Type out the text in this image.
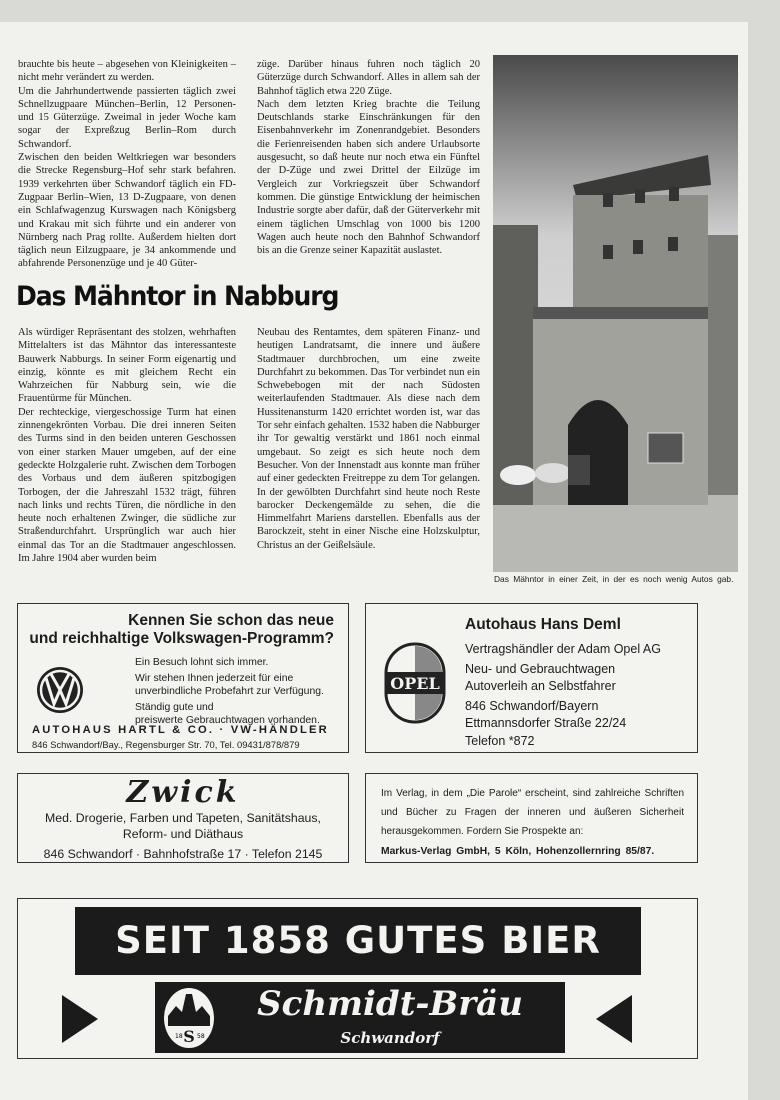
brauchte bis heute – abgesehen von Kleinigkeiten – nicht mehr verändert zu werden.

Um die Jahrhundertwende passierten täglich zwei Schnellzugpaare München–Berlin, 12 Personen- und 15 Güterzüge. Zweimal in jeder Woche kam sogar der Expreßzug Berlin–Rom durch Schwandorf.

Zwischen den beiden Weltkriegen war besonders die Strecke Regensburg–Hof sehr stark befahren. 1939 verkehrten über Schwandorf täglich ein FD-Zugpaar Berlin–Wien, 13 D-Zugpaare, von denen ein Schlafwagenzug Kurswagen nach Königsberg und Krakau mit sich führte und ein anderer von Nürnberg nach Prag rollte. Außerdem hielten dort täglich neun Eilzugpaare, je 34 ankommende und abfahrende Personenzüge und je 40 Güter-

züge. Darüber hinaus fuhren noch täglich 20 Güterzüge durch Schwandorf. Alles in allem sah der Bahnhof täglich etwa 220 Züge.

Nach dem letzten Krieg brachte die Teilung Deutschlands starke Einschränkungen für den Eisenbahnverkehr im Zonenrandgebiet. Besonders die Ferienreisenden haben sich andere Urlaubsorte ausgesucht, so daß heute nur noch etwa ein Fünftel der D-Züge und zwei Drittel der Eilzüge im Vergleich zur Vorkriegszeit über Schwandorf kommen. Die günstige Entwicklung der heimischen Industrie sorgte aber dafür, daß der Güterverkehr mit einem täglichen Umschlag von 1000 bis 1200 Wagen auch heute noch den Bahnhof Schwandorf bis an die Grenze seiner Kapazität auslastet.

Das Mähntor in Nabburg

Als würdiger Repräsentant des stolzen, wehrhaften Mittelalters ist das Mähntor das interessanteste Bauwerk Nabburgs. In seiner Form eigenartig und einzig, könnte es mit gleichem Recht ein Wahrzeichen für Nabburg sein, wie die Frauentürme für München.

Der rechteckige, viergeschossige Turm hat einen zinnengekrönten Vorbau. Die drei inneren Seiten des Turms sind in den beiden unteren Geschossen von einer starken Mauer umgeben, auf der eine gedeckte Holzgalerie ruht. Zwischen dem Torbogen des Vorbaus und dem äußeren spitzbogigen Torbogen, der die Jahreszahl 1532 trägt, führen nach links und rechts Türen, die nördliche in den heute noch erhaltenen Zwinger, die südliche zur Straßendurchfahrt. Ursprünglich war auch hier einmal das Tor an die Stadtmauer angeschlossen. Im Jahre 1904 aber wurden beim

Neubau des Rentamtes, dem späteren Finanz- und heutigen Landratsamt, die innere und äußere Stadtmauer durchbrochen, um eine zweite Durchfahrt zu bekommen. Das Tor verbindet nun ein Schwebebogen mit der nach Südosten weiterlaufenden Stadtmauer. Als diese nach dem Hussitenansturm 1420 errichtet worden ist, war das Tor sehr einfach gehalten. 1532 haben die Nabburger ihr Tor gewaltig verstärkt und 1861 noch einmal umgebaut. So zeigt es sich heute noch dem Besucher. Von der Innenstadt aus konnte man früher auf einer gedeckten Freitreppe zu dem Tor gelangen. In der gewölbten Durchfahrt sind heute noch Reste barocker Deckengemälde zu sehen, die die Himmelfahrt Mariens darstellen. Ebenfalls aus der Barockzeit, steht in einer Nische eine Holzskulptur, Christus an der Geißelsäule.

Das Mähntor in einer Zeit, in der es noch wenig Autos gab.
Kennen Sie schon das neue
und reichhaltige Volkswagen-Programm?
Ein Besuch lohnt sich immer.
Wir stehen Ihnen jederzeit für eine
unverbindliche Probefahrt zur Verfügung.
Ständig gute und
preiswerte Gebrauchtwagen vorhanden.
AUTOHAUS HARTL & CO. · VW-HÄNDLER
846 Schwandorf/Bay., Regensburger Str. 70, Tel. 09431/878/879
OPEL
Autohaus Hans Deml
Vertragshändler der Adam Opel AG
Neu- und Gebrauchtwagen
Autoverleih an Selbstfahrer
846 Schwandorf/Bayern
Ettmannsdorfer Straße 22/24
Telefon *872
Zwick
Med. Drogerie, Farben und Tapeten, Sanitätshaus,
Reform- und Diäthaus
846 Schwandorf · Bahnhofstraße 17 · Telefon 2145
Im Verlag, in dem „Die Parole“ erscheint, sind zahlreiche Schriften und Bücher zu Fragen der inneren und äußeren Sicherheit herausgekommen. Fordern Sie Prospekte an:
Markus-Verlag GmbH, 5 Köln, Hohenzollernring 85/87.
SEIT 1858 GUTES BIER
18 58
S
Schmidt-Bräu
Schwandorf
